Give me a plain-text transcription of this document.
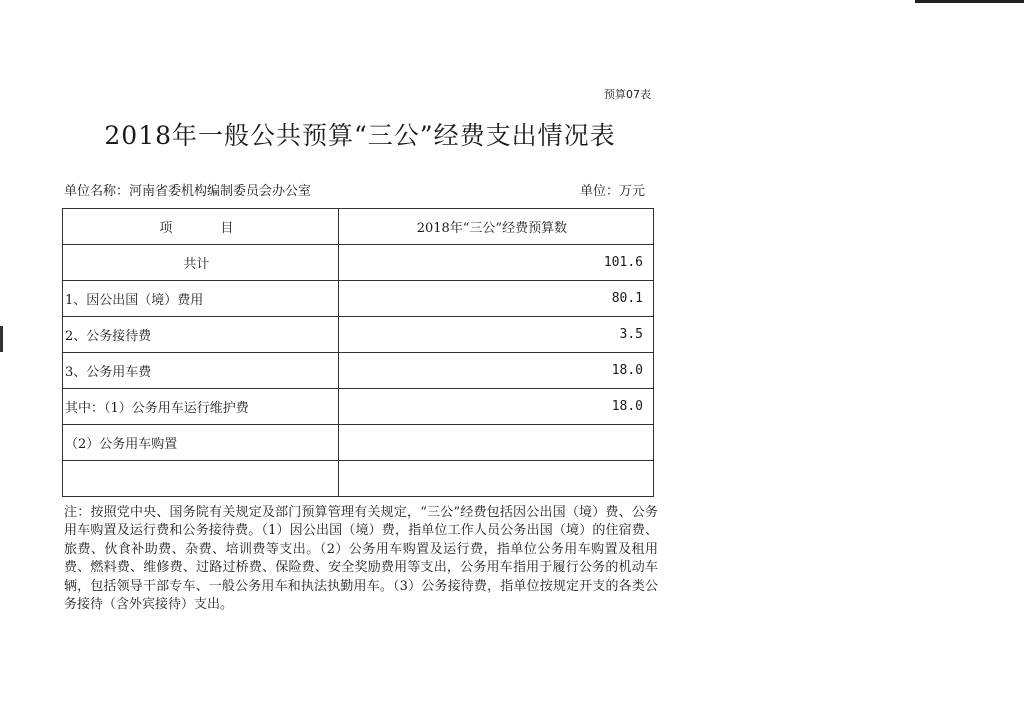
预算07表
2018年一般公共预算“三公”经费支出情况表
单位名称：河南省委机构编制委员会办公室	单位：万元
项 目	2018年“三公”经费预算数
共计	101.6
1、因公出国（境）费用	80.1
2、公务接待费	3.5
3、公务用车费	18.0
其中：（1）公务用车运行维护费	18.0
（2）公务用车购置	

注：按照党中央、国务院有关规定及部门预算管理有关规定，“三公”经费包括因公出国（境）费、公务用车购置及运行费和公务接待费。（1）因公出国（境）费，指单位工作人员公务出国（境）的住宿费、旅费、伙食补助费、杂费、培训费等支出。（2）公务用车购置及运行费，指单位公务用车购置及租用费、燃料费、维修费、过路过桥费、保险费、安全奖励费用等支出，公务用车指用于履行公务的机动车辆，包括领导干部专车、一般公务用车和执法执勤用车。（3）公务接待费，指单位按规定开支的各类公务接待（含外宾接待）支出。
